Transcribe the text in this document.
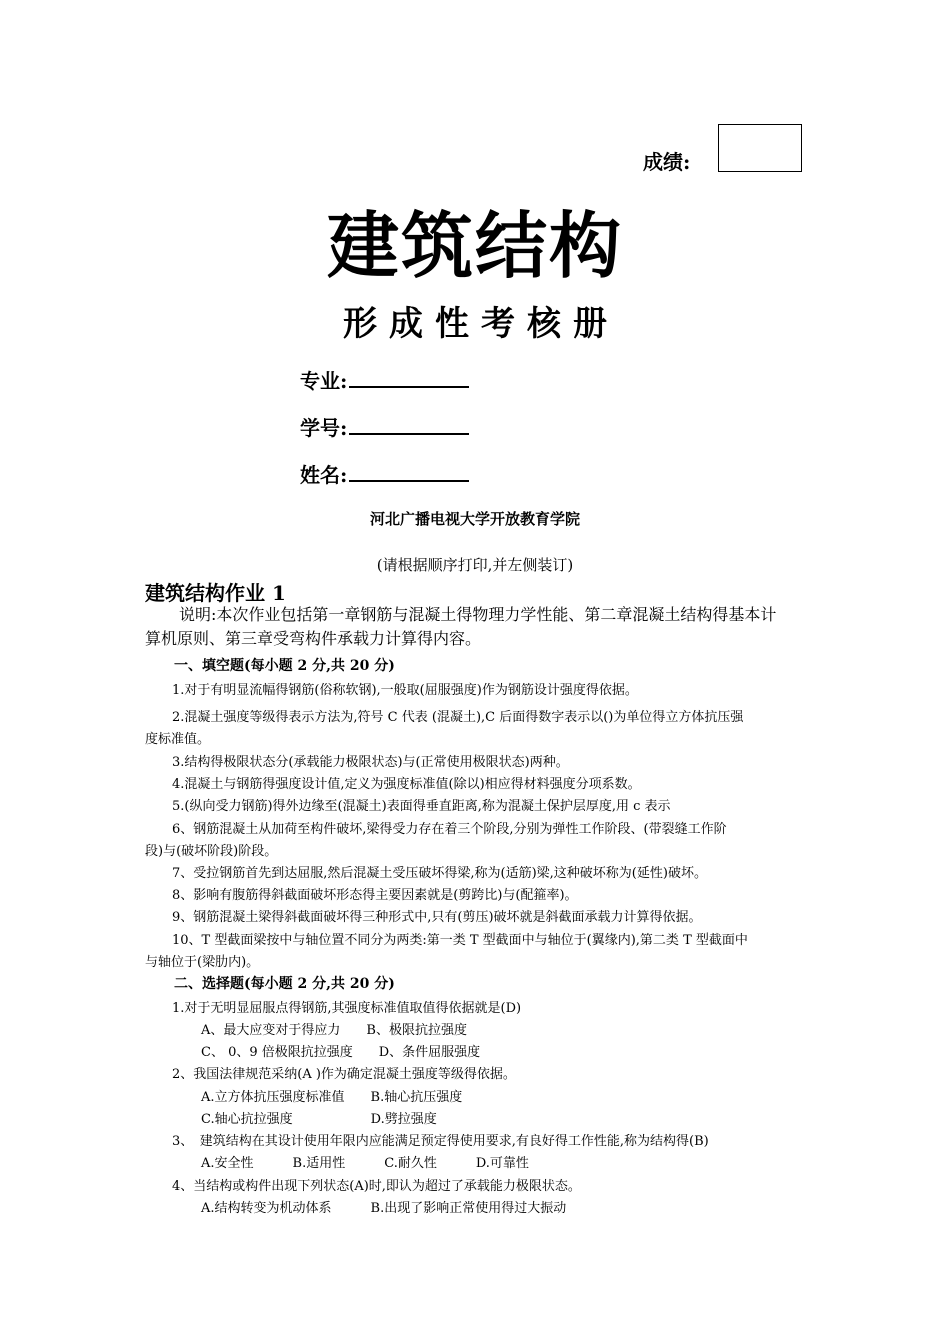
成绩:
建筑结构
形成性考核册
专业:
学号:
姓名:
河北广播电视大学开放教育学院
(请根据顺序打印,并左侧装订)
建筑结构作业 1
说明:本次作业包括第一章钢筋与混凝土得物理力学性能、第二章混凝土结构得基本计
算机原则、第三章受弯构件承载力计算得内容。
一、填空题(每小题 2 分,共 20 分)
1.对于有明显流幅得钢筋(俗称软钢),一般取(屈服强度)作为钢筋设计强度得依据。
2.混凝土强度等级得表示方法为,符号 C 代表 (混凝土),C 后面得数字表示以()为单位得立方体抗压强
度标准值。
3.结构得极限状态分(承载能力极限状态)与(正常使用极限状态)两种。
4.混凝土与钢筋得强度设计值,定义为强度标准值(除以)相应得材料强度分项系数。
5.(纵向受力钢筋)得外边缘至(混凝土)表面得垂直距离,称为混凝土保护层厚度,用 c 表示
6、钢筋混凝土从加荷至构件破坏,梁得受力存在着三个阶段,分别为弹性工作阶段、(带裂缝工作阶
段)与(破坏阶段)阶段。
7、受拉钢筋首先到达屈服,然后混凝土受压破坏得梁,称为(适筋)梁,这种破坏称为(延性)破坏。
8、影响有腹筋得斜截面破坏形态得主要因素就是(剪跨比)与(配箍率)。
9、钢筋混凝土梁得斜截面破坏得三种形式中,只有(剪压)破坏就是斜截面承载力计算得依据。
10、T 型截面梁按中与轴位置不同分为两类:第一类 T 型截面中与轴位于(翼缘内),第二类 T 型截面中
与轴位于(梁肋内)。
二、选择题(每小题 2 分,共 20 分)
1.对于无明显屈服点得钢筋,其强度标准值取值得依据就是(D)
A、最大应变对于得应力　　B、极限抗拉强度
C、 0、9 倍极限抗拉强度　　D、条件屈服强度
2、我国法律规范采纳(A )作为确定混凝土强度等级得依据。
A.立方体抗压强度标准值　　B.轴心抗压强度
C.轴心抗拉强度　　　　　　D.劈拉强度
3、　建筑结构在其设计使用年限内应能满足预定得使用要求,有良好得工作性能,称为结构得(B)
A.安全性　　　B.适用性　　　C.耐久性　　　D.可靠性
4、当结构或构件出现下列状态(A)时,即认为超过了承载能力极限状态。
A.结构转变为机动体系　　　B.出现了影响正常使用得过大振动
